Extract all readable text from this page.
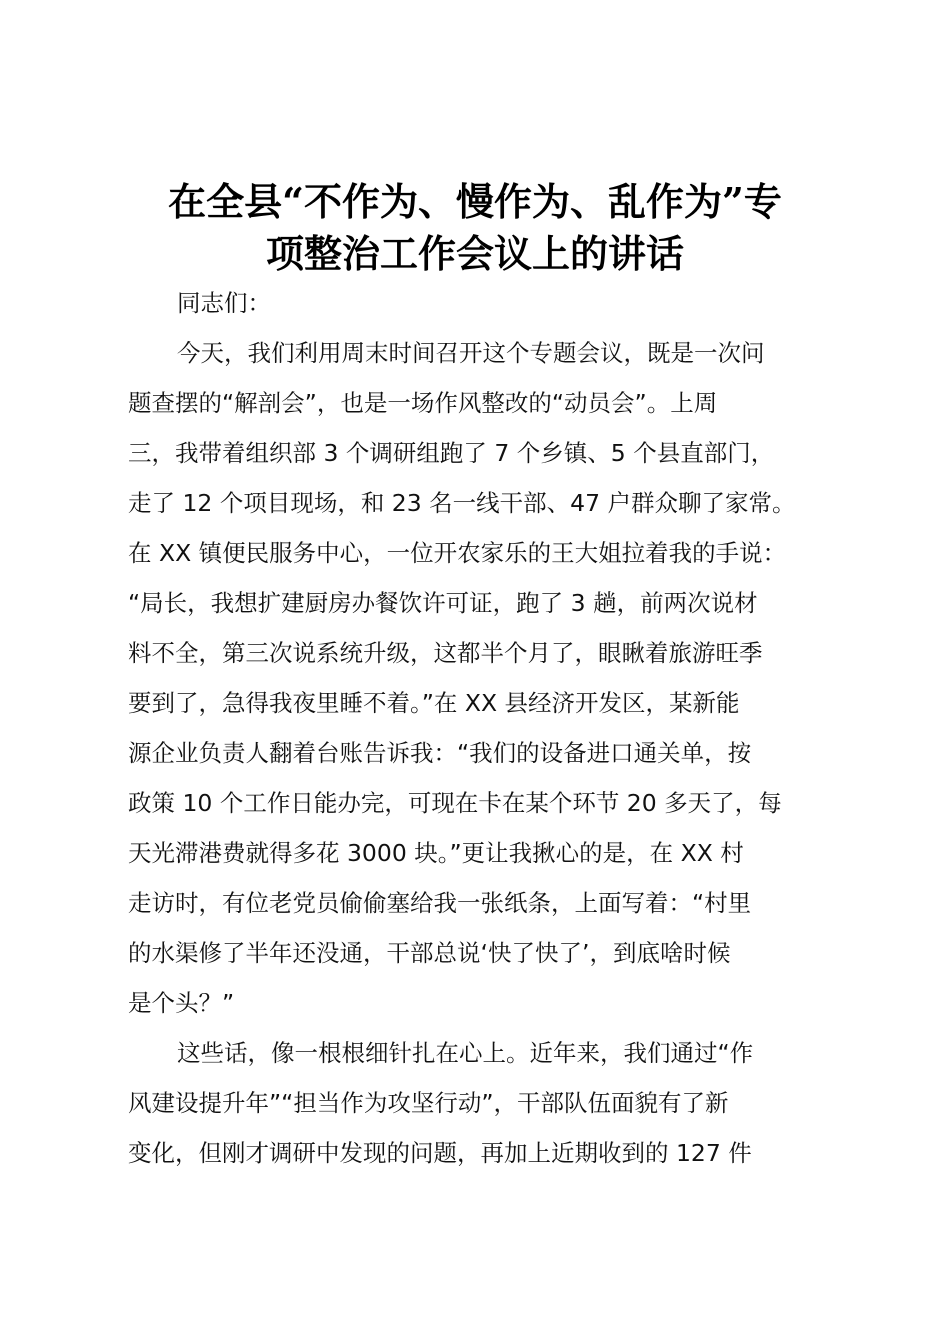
在全县“不作为、慢作为、乱作为”专
项整治工作会议上的讲话
同志们：
今天，我们利用周末时间召开这个专题会议，既是一次问
题查摆的“解剖会”，也是一场作风整改的“动员会”。上周
三，我带着组织部 3 个调研组跑了 7 个乡镇、5 个县直部门，
走了 12 个项目现场，和 23 名一线干部、47 户群众聊了家常。
在 XX 镇便民服务中心，一位开农家乐的王大姐拉着我的手说：
“局长，我想扩建厨房办餐饮许可证，跑了 3 趟，前两次说材
料不全，第三次说系统升级，这都半个月了，眼瞅着旅游旺季
要到了，急得我夜里睡不着。”在 XX 县经济开发区，某新能
源企业负责人翻着台账告诉我：“我们的设备进口通关单，按
政策 10 个工作日能办完，可现在卡在某个环节 20 多天了，每
天光滞港费就得多花 3000 块。”更让我揪心的是，在 XX 村
走访时，有位老党员偷偷塞给我一张纸条，上面写着：“村里
的水渠修了半年还没通，干部总说‘快了快了’，到底啥时候
是个头？”
这些话，像一根根细针扎在心上。近年来，我们通过“作
风建设提升年”“担当作为攻坚行动”，干部队伍面貌有了新
变化，但刚才调研中发现的问题，再加上近期收到的 127 件
